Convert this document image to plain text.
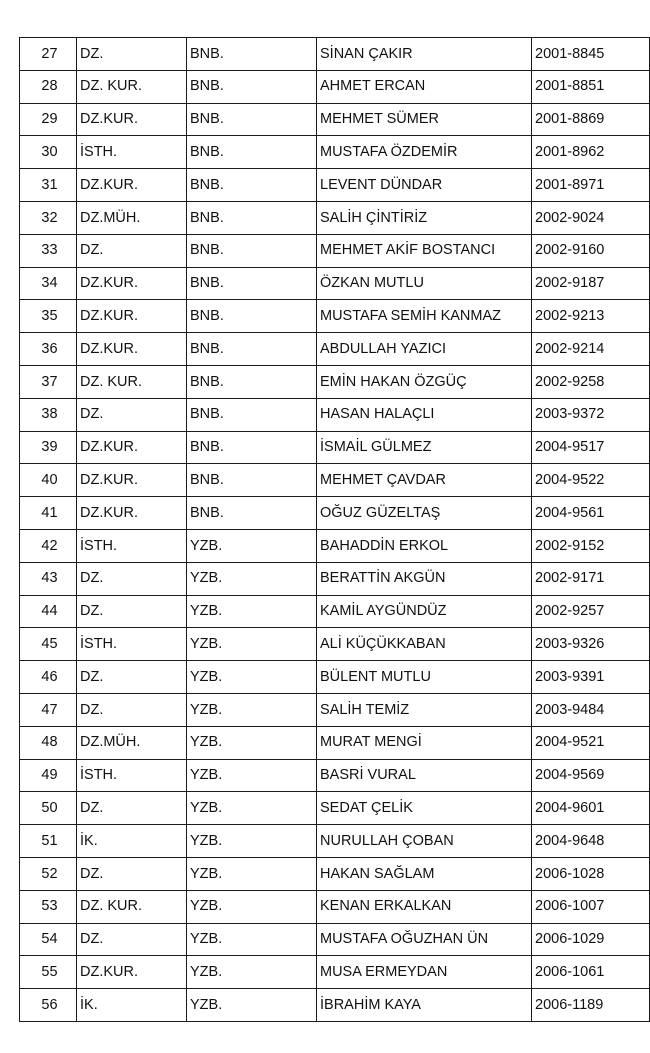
27	DZ.	BNB.	SİNAN ÇAKIR	2001-8845
28	DZ. KUR.	BNB.	AHMET ERCAN	2001-8851
29	DZ.KUR.	BNB.	MEHMET SÜMER	2001-8869
30	İSTH.	BNB.	MUSTAFA ÖZDEMİR	2001-8962
31	DZ.KUR.	BNB.	LEVENT DÜNDAR	2001-8971
32	DZ.MÜH.	BNB.	SALİH ÇİNTİRİZ	2002-9024
33	DZ.	BNB.	MEHMET AKİF BOSTANCI	2002-9160
34	DZ.KUR.	BNB.	ÖZKAN MUTLU	2002-9187
35	DZ.KUR.	BNB.	MUSTAFA SEMİH KANMAZ	2002-9213
36	DZ.KUR.	BNB.	ABDULLAH YAZICI	2002-9214
37	DZ. KUR.	BNB.	EMİN HAKAN ÖZGÜÇ	2002-9258
38	DZ.	BNB.	HASAN HALAÇLI	2003-9372
39	DZ.KUR.	BNB.	İSMAİL GÜLMEZ	2004-9517
40	DZ.KUR.	BNB.	MEHMET ÇAVDAR	2004-9522
41	DZ.KUR.	BNB.	OĞUZ GÜZELTAŞ	2004-9561
42	İSTH.	YZB.	BAHADDİN ERKOL	2002-9152
43	DZ.	YZB.	BERATTİN AKGÜN	2002-9171
44	DZ.	YZB.	KAMİL AYGÜNDÜZ	2002-9257
45	İSTH.	YZB.	ALİ KÜÇÜKKABAN	2003-9326
46	DZ.	YZB.	BÜLENT MUTLU	2003-9391
47	DZ.	YZB.	SALİH TEMİZ	2003-9484
48	DZ.MÜH.	YZB.	MURAT MENGİ	2004-9521
49	İSTH.	YZB.	BASRİ VURAL	2004-9569
50	DZ.	YZB.	SEDAT ÇELİK	2004-9601
51	İK.	YZB.	NURULLAH ÇOBAN	2004-9648
52	DZ.	YZB.	HAKAN SAĞLAM	2006-1028
53	DZ. KUR.	YZB.	KENAN ERKALKAN	2006-1007
54	DZ.	YZB.	MUSTAFA OĞUZHAN ÜN	2006-1029
55	DZ.KUR.	YZB.	MUSA ERMEYDAN	2006-1061
56	İK.	YZB.	İBRAHİM KAYA	2006-1189
